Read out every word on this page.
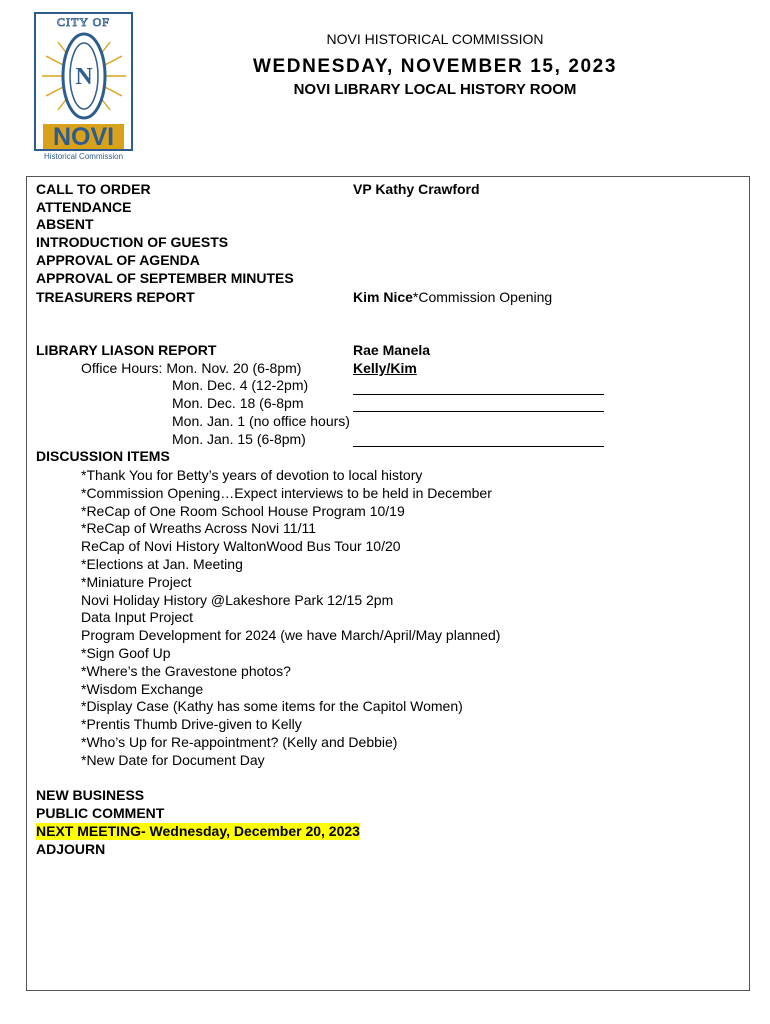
CITY OF
N
NOVI
Historical Commission
NOVI HISTORICAL COMMISSION
WEDNESDAY, NOVEMBER 15, 2023
NOVI LIBRARY LOCAL HISTORY ROOM
CALL TO ORDER	VP Kathy Crawford
ATTENDANCE
ABSENT
INTRODUCTION OF GUESTS
APPROVAL OF AGENDA
APPROVAL OF SEPTEMBER MINUTES
TREASURERS REPORT	Kim Nice*Commission Opening
LIBRARY LIASON REPORT	Rae Manela
Office Hours: Mon. Nov. 20 (6-8pm)	Kelly/Kim
Mon. Dec. 4 (12-2pm)
Mon. Dec. 18 (6-8pm
Mon. Jan. 1 (no office hours)
Mon. Jan. 15 (6-8pm)
DISCUSSION ITEMS
*Thank You for Betty’s years of devotion to local history
*Commission Opening…Expect interviews to be held in December
*ReCap of One Room School House Program 10/19
*ReCap of Wreaths Across Novi 11/11
ReCap of Novi History WaltonWood Bus Tour 10/20
*Elections at Jan. Meeting
*Miniature Project
Novi Holiday History @Lakeshore Park 12/15 2pm
Data Input Project
Program Development for 2024 (we have March/April/May planned)
*Sign Goof Up
*Where’s the Gravestone photos?
*Wisdom Exchange
*Display Case (Kathy has some items for the Capitol Women)
*Prentis Thumb Drive-given to Kelly
*Who’s Up for Re-appointment? (Kelly and Debbie)
*New Date for Document Day
NEW BUSINESS
PUBLIC COMMENT
NEXT MEETING- Wednesday, December 20, 2023
ADJOURN
